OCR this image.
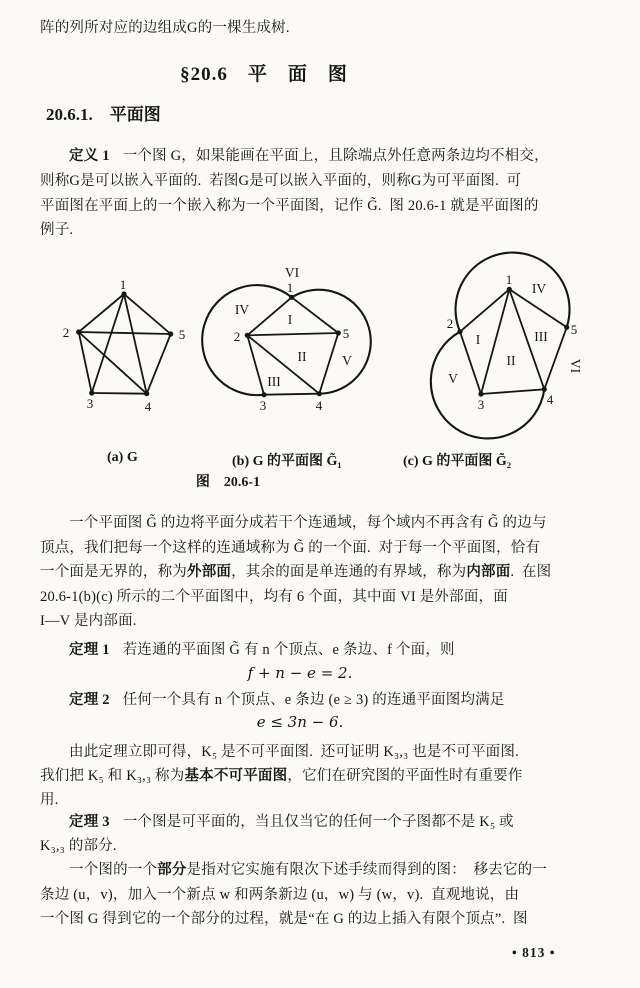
阵的列所对应的边组成G的一棵生成树.
§20.6　平　面　图
20.6.1.　平面图
定义 1 一个图 G，如果能画在平面上，且除端点外任意两条边均不相交，
则称G是可以嵌入平面的.  若图G是可以嵌入平面的，则称G为可平面图.  可
平面图在平面上的一个嵌入称为一个平面图，记作 G̃.  图 20.6-1 就是平面图的
例子.
1
2	5
3	4
1
2	5
3	4
VI
IV
I
II	V
III
1
2	5
3	4
IV
I	III
II
V
VI
(a) G	(b) G 的平面图 G̃₁	(c) G 的平面图 G̃₂
图　20.6-1
一个平面图 G̃ 的边将平面分成若干个连通域，每个域内不再含有 G̃ 的边与
顶点，我们把每一个这样的连通域称为 G̃ 的一个面.  对于每一个平面图，恰有
一个面是无界的，称为外部面，其余的面是单连通的有界域，称为内部面.  在图
20.6-1(b)(c) 所示的二个平面图中，均有 6 个面，其中面 VI 是外部面，面
I—V 是内部面.
定理 1 若连通的平面图 G̃ 有 n 个顶点、e 条边、f 个面，则
f + n − e = 2.
定理 2 任何一个具有 n 个顶点、e 条边 (e ≥ 3) 的连通平面图均满足
e ≤ 3n − 6.
由此定理立即可得，K₅ 是不可平面图.  还可证明 K₃,₃ 也是不可平面图.
我们把 K₅ 和 K₃,₃ 称为基本不可平面图，它们在研究图的平面性时有重要作
用.
定理 3 一个图是可平面的，当且仅当它的任何一个子图都不是 K₅ 或
K₃,₃ 的部分.
一个图的一个部分是指对它实施有限次下述手续而得到的图：  移去它的一
条边 (u，v)，加入一个新点 w 和两条新边 (u，w) 与 (w，v).  直观地说，由
一个图 G 得到它的一个部分的过程，就是“在 G 的边上插入有限个顶点”.  图
• 813 •
